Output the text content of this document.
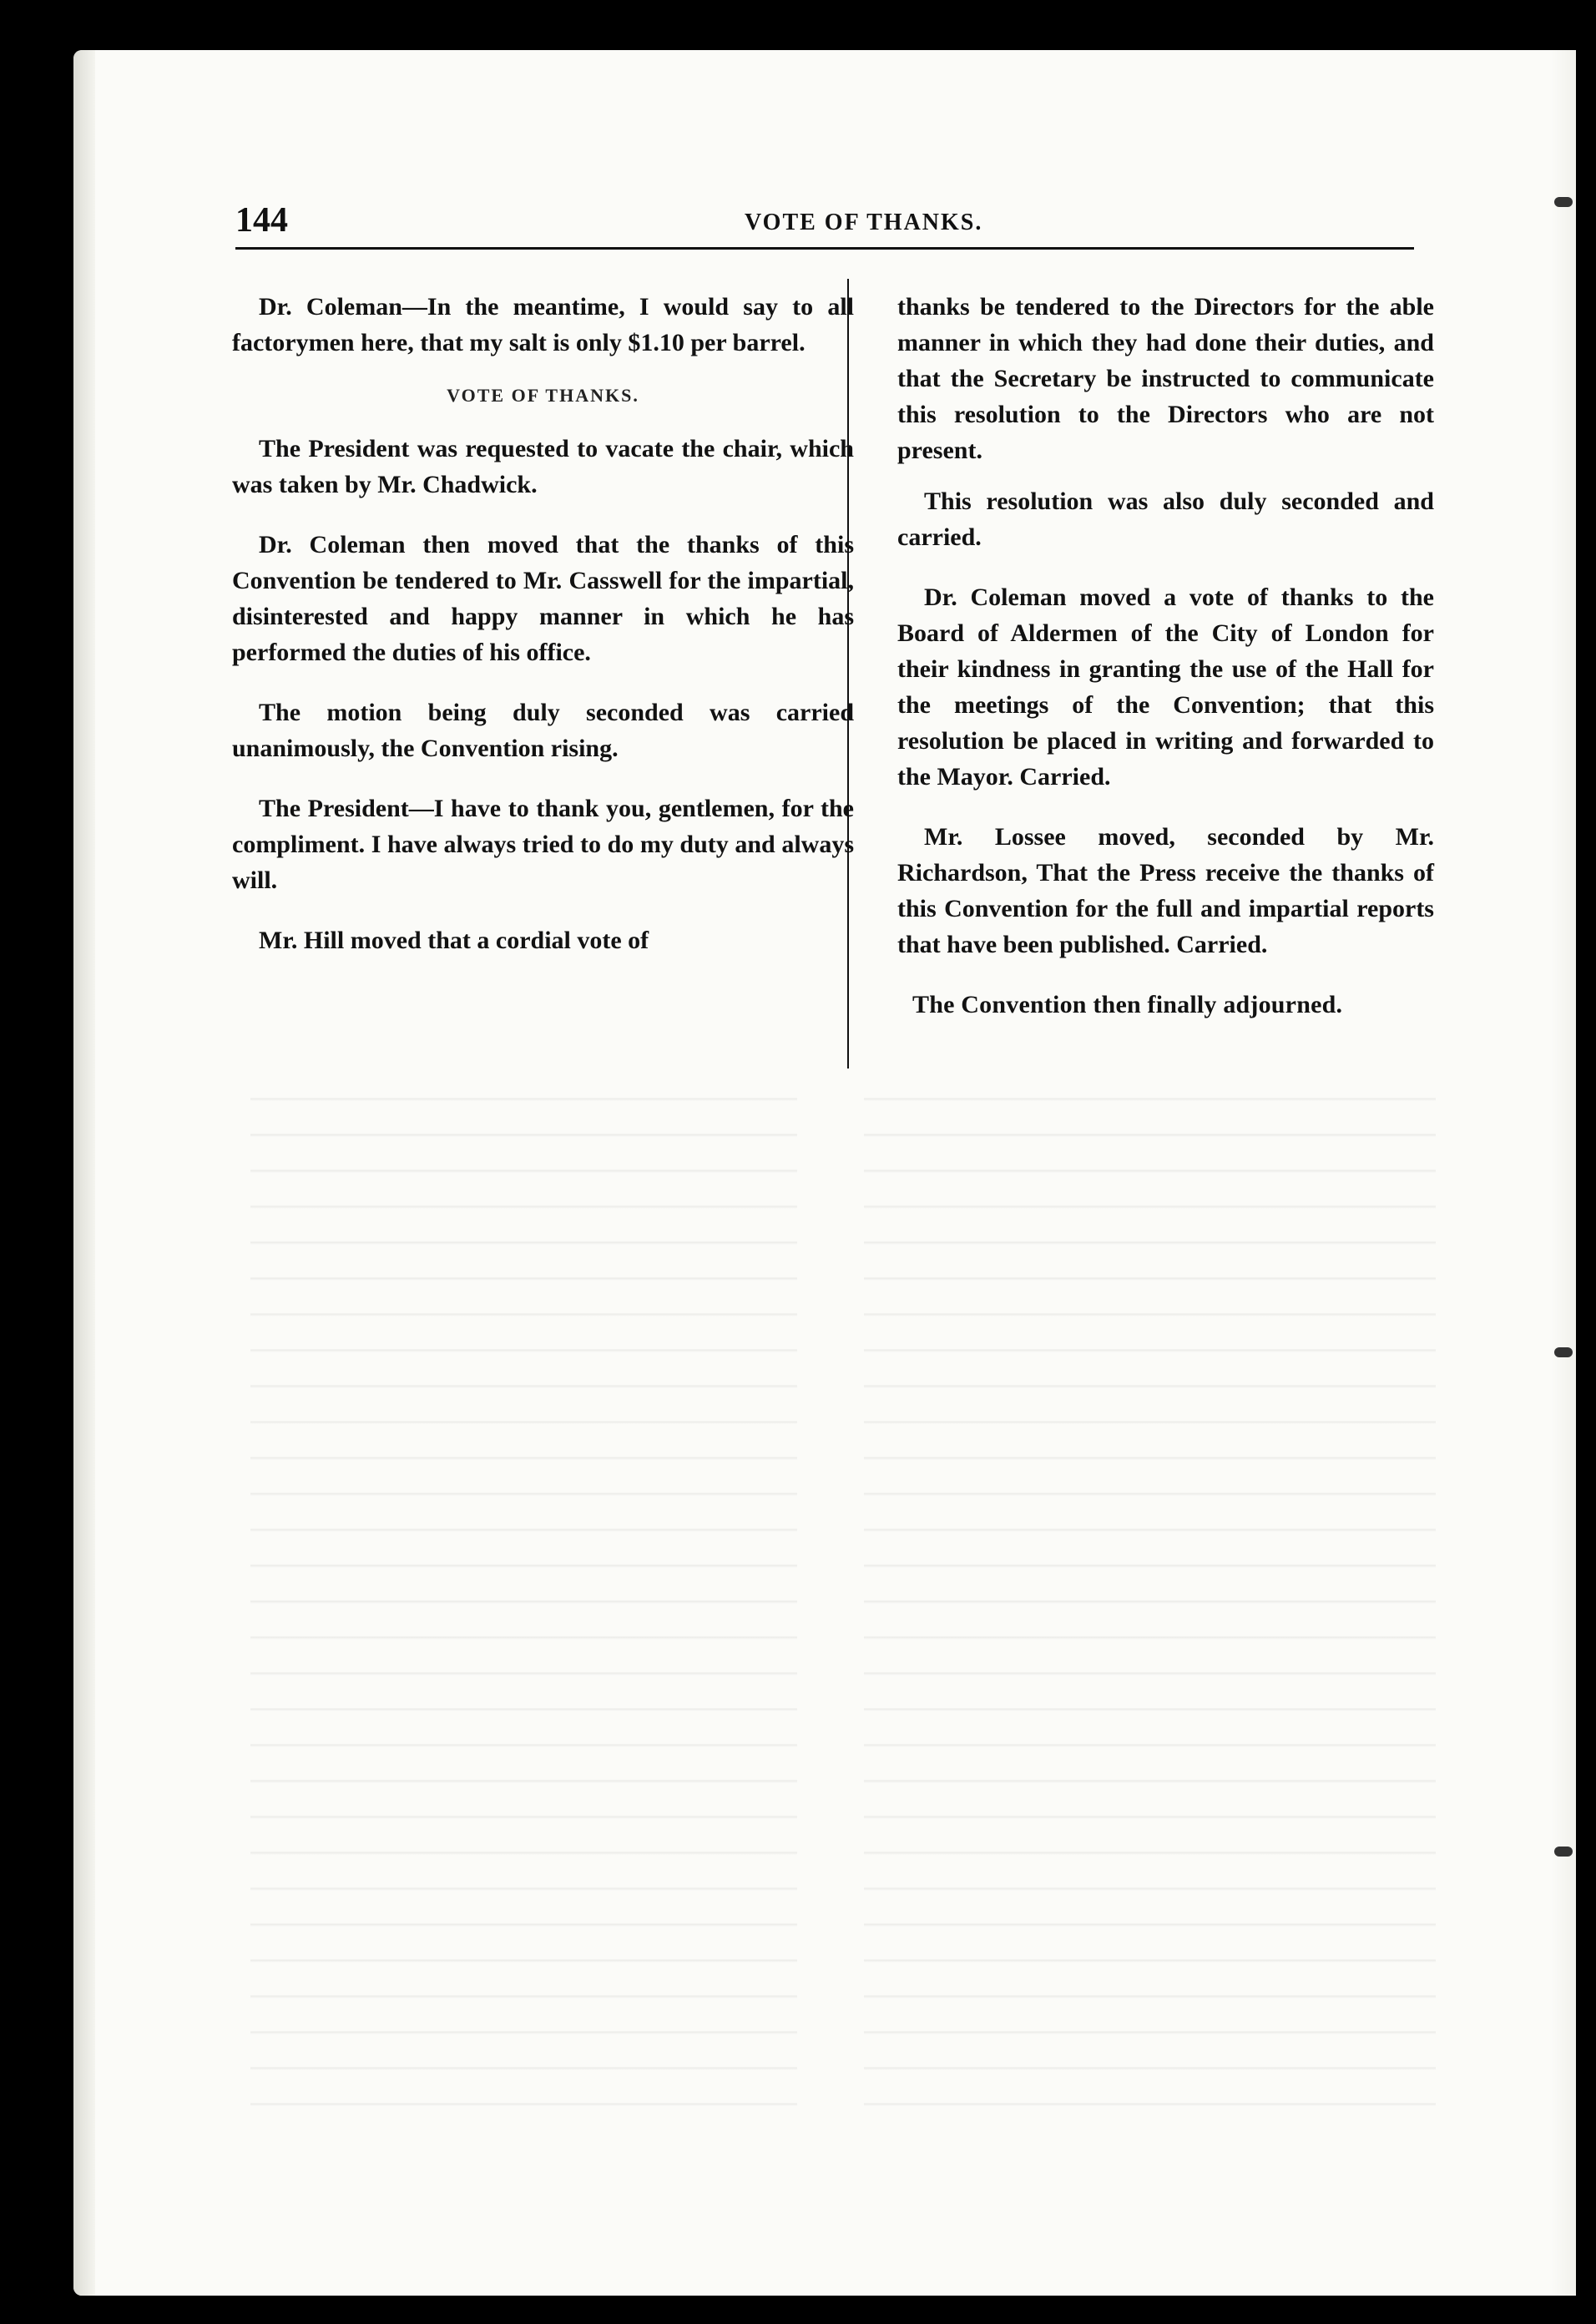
144	VOTE OF THANKS.

Dr. Coleman—In the meantime, I would say to all factorymen here, that my salt is only $1.10 per barrel.

VOTE OF THANKS.

The President was requested to vacate the chair, which was taken by Mr. Chadwick.

Dr. Coleman then moved that the thanks of this Convention be tendered to Mr. Casswell for the impartial, disinterested and happy manner in which he has performed the duties of his office.

The motion being duly seconded was carried unanimously, the Convention rising.

The President—I have to thank you, gentlemen, for the compliment. I have always tried to do my duty and always will.

Mr. Hill moved that a cordial vote of

thanks be tendered to the Directors for the able manner in which they had done their duties, and that the Secretary be instructed to communicate this resolution to the Directors who are not present.

This resolution was also duly seconded and carried.

Dr. Coleman moved a vote of thanks to the Board of Aldermen of the City of London for their kindness in granting the use of the Hall for the meetings of the Convention; that this resolution be placed in writing and forwarded to the Mayor. Carried.

Mr. Lossee moved, seconded by Mr. Richardson, That the Press receive the thanks of this Convention for the full and impartial reports that have been published. Carried.

The Convention then finally adjourned.
